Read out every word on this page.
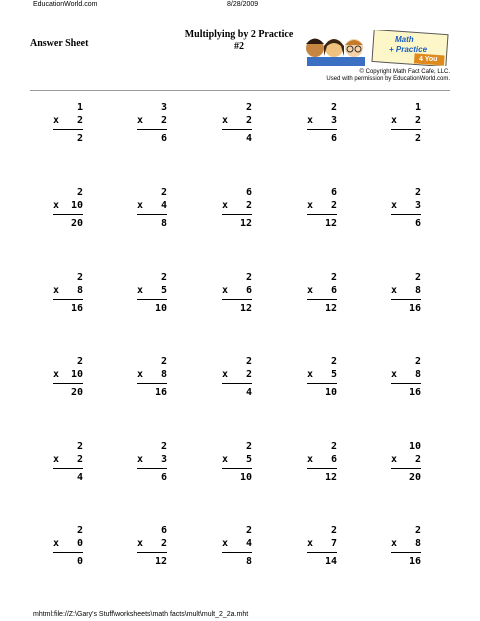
EducationWorld.com	8/28/2009
Answer Sheet
Multiplying by 2 Practice
#2
Math
+ Practice
4 You
© Copyright Math Fact Cafe, LLC.
Used with permission by EducationWorld.com.
1
x 2
2
3
x 2
6
2
x 2
4
2
x 3
6
1
x 2
2
2
x 10
20
2
x 4
8
6
x 2
12
6
x 2
12
2
x 3
6
2
x 8
16
2
x 5
10
2
x 6
12
2
x 6
12
2
x 8
16
2
x 10
20
2
x 8
16
2
x 2
4
2
x 5
10
2
x 8
16
2
x 2
4
2
x 3
6
2
x 5
10
2
x 6
12
10
x 2
20
2
x 0
0
6
x 2
12
2
x 4
8
2
x 7
14
2
x 8
16
mhtml:file://Z:\Gary's Stuff\worksheets\math facts\mult\mult_2_2a.mht
